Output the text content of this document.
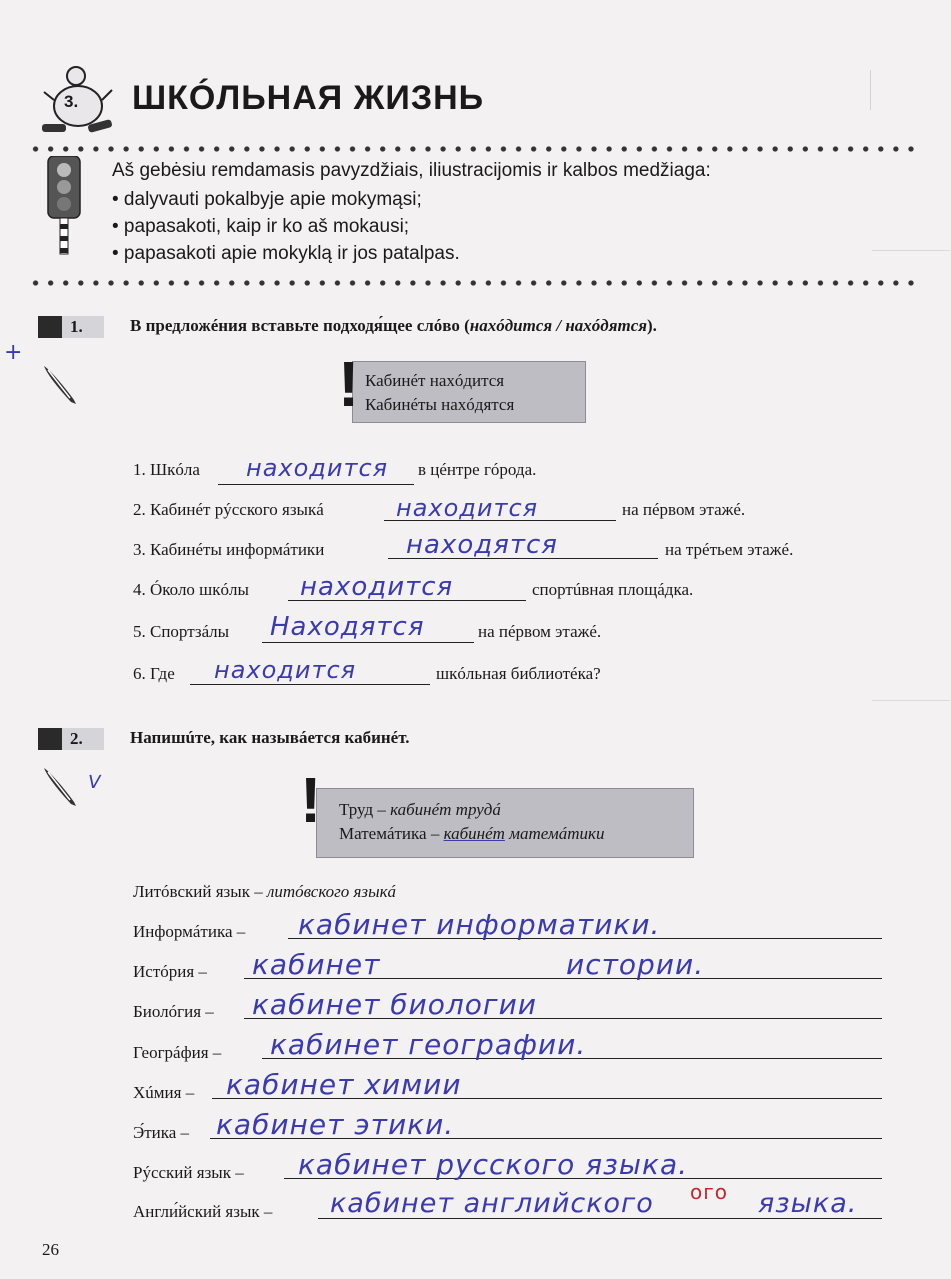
3. ШКÓЛЬНАЯ ЖИЗНЬ
Aš gebėsiu remdamasis pavyzdžiais, iliustracijomis ir kalbos medžiaga:
• dalyvauti pokalbyje apie mokymąsi;
• papasakoti, kaip ir ko aš mokausi;
• papasakoti apie mokyklą ir jos patalpas.
1.	В предложéния вставьте подходя́щее слóво (нахóдится / нахóдятся).
+
Кабинéт нахóдится
Кабинéты нахóдятся
!
1. Шкóла находится в цéнтре гóрода.
2. Кабинéт рýсского языкá	находится	на пéрвом этажé.
3. Кабинéты информáтики	находятся	на трéтьем этажé.
4. Óколо шкóлы находится	спортúвная площáдка.
5. Спортзáлы Находятся	на пéрвом этажé.
6. Где находится	шкóльная библиотéка?
2.	Напишúте, как назывáется кабинéт.
V
Труд – кабинéт трудá
Матемáтика – кабинéт матемáтики
!
Литóвский язык – литóвского языкá
Информáтика – кабинет информатики.
Истóрия – кабинет	истории.
Биолóгия – кабинет биологии
Геогрáфия – кабинет географии.
Хúмия – кабинет химии
Э́тика – кабинет этики.
Рýсский язык – кабинет русского языка.
Англи́йский язык – кабинет английского ого языка.
26
